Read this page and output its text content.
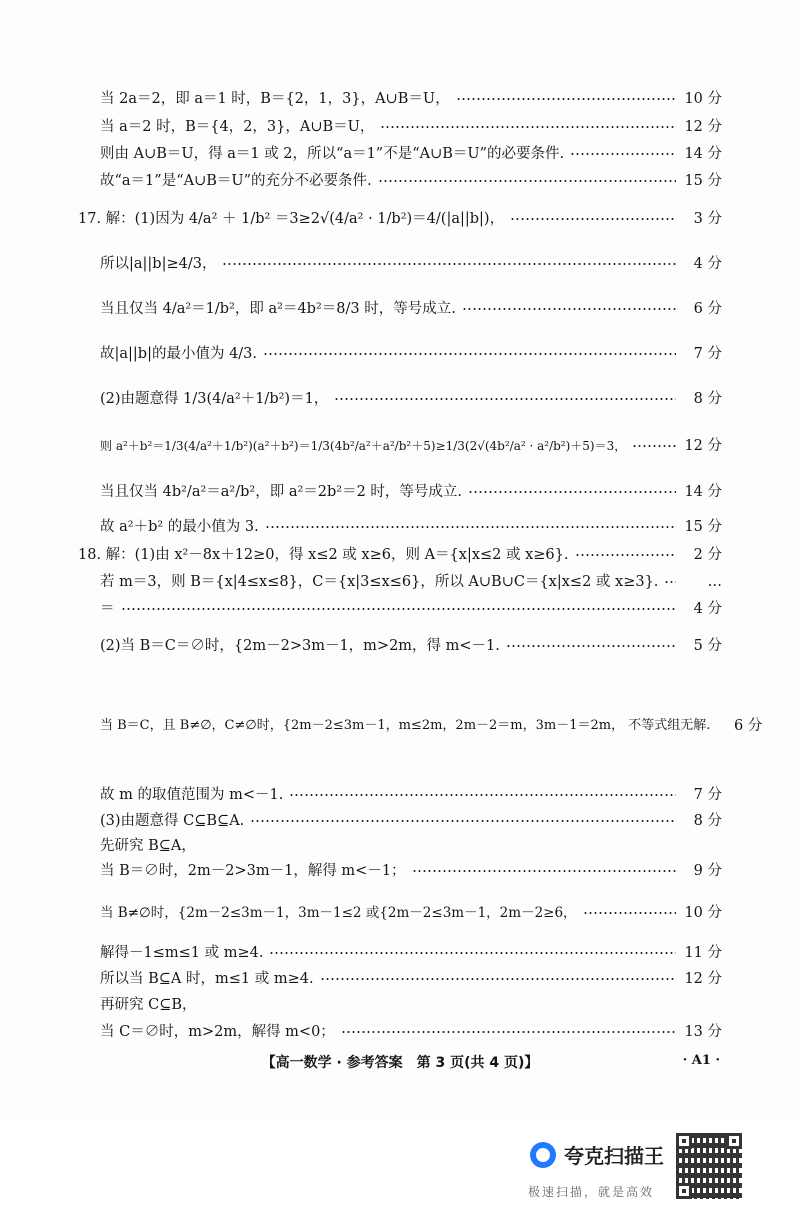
当 2a＝2，即 a＝1 时，B＝{2，1，3}，A∪B＝U，	10 分
当 a＝2 时，B＝{4，2，3}，A∪B＝U，	12 分
则由 A∪B＝U，得 a＝1 或 2，所以“a＝1”不是“A∪B＝U”的必要条件.	14 分
故“a＝1”是“A∪B＝U”的充分不必要条件.	15 分
17. 解：(1)因为 4/a² ＋ 1/b² ＝3≥2√(4/a² · 1/b²)＝4/(|a||b|)，	3 分
所以|a||b|≥4/3，	4 分
当且仅当 4/a²＝1/b²，即 a²＝4b²＝8/3 时，等号成立.	6 分
故|a||b|的最小值为 4/3.	7 分
(2)由题意得 1/3(4/a²＋1/b²)＝1，	8 分
则 a²＋b²＝1/3(4/a²＋1/b²)(a²＋b²)＝1/3(4b²/a²＋a²/b²＋5)≥1/3(2√(4b²/a² · a²/b²)＋5)＝3，	12 分
当且仅当 4b²/a²＝a²/b²，即 a²＝2b²＝2 时，等号成立.	14 分
故 a²＋b² 的最小值为 3.	15 分
18. 解：(1)由 x²－8x＋12≥0，得 x≤2 或 x≥6，则 A＝{x|x≤2 或 x≥6}.	2 分
若 m＝3，则 B＝{x|4≤x≤8}，C＝{x|3≤x≤6}，所以 A∪B∪C＝{x|x≤2 或 x≥3}.	…
＝	4 分
(2)当 B＝C＝∅时，{2m－2>3m－1，m>2m，得 m<－1.	5 分
当 B＝C，且 B≠∅，C≠∅时，{2m－2≤3m－1，m≤2m，2m－2＝m，3m－1＝2m， 不等式组无解.	6 分
故 m 的取值范围为 m<－1.	7 分
(3)由题意得 C⊆B⊆A.	8 分
先研究 B⊆A，
当 B＝∅时，2m－2>3m－1，解得 m<－1；	9 分
当 B≠∅时，{2m－2≤3m－1，3m－1≤2 或{2m－2≤3m－1，2m－2≥6，	10 分
解得－1≤m≤1 或 m≥4.	11 分
所以当 B⊆A 时，m≤1 或 m≥4.	12 分
再研究 C⊆B，
当 C＝∅时，m>2m，解得 m<0；	13 分
【高一数学 · 参考答案　第 3 页(共 4 页)】	· A1 ·
夸克扫描王
极速扫描，就是高效
